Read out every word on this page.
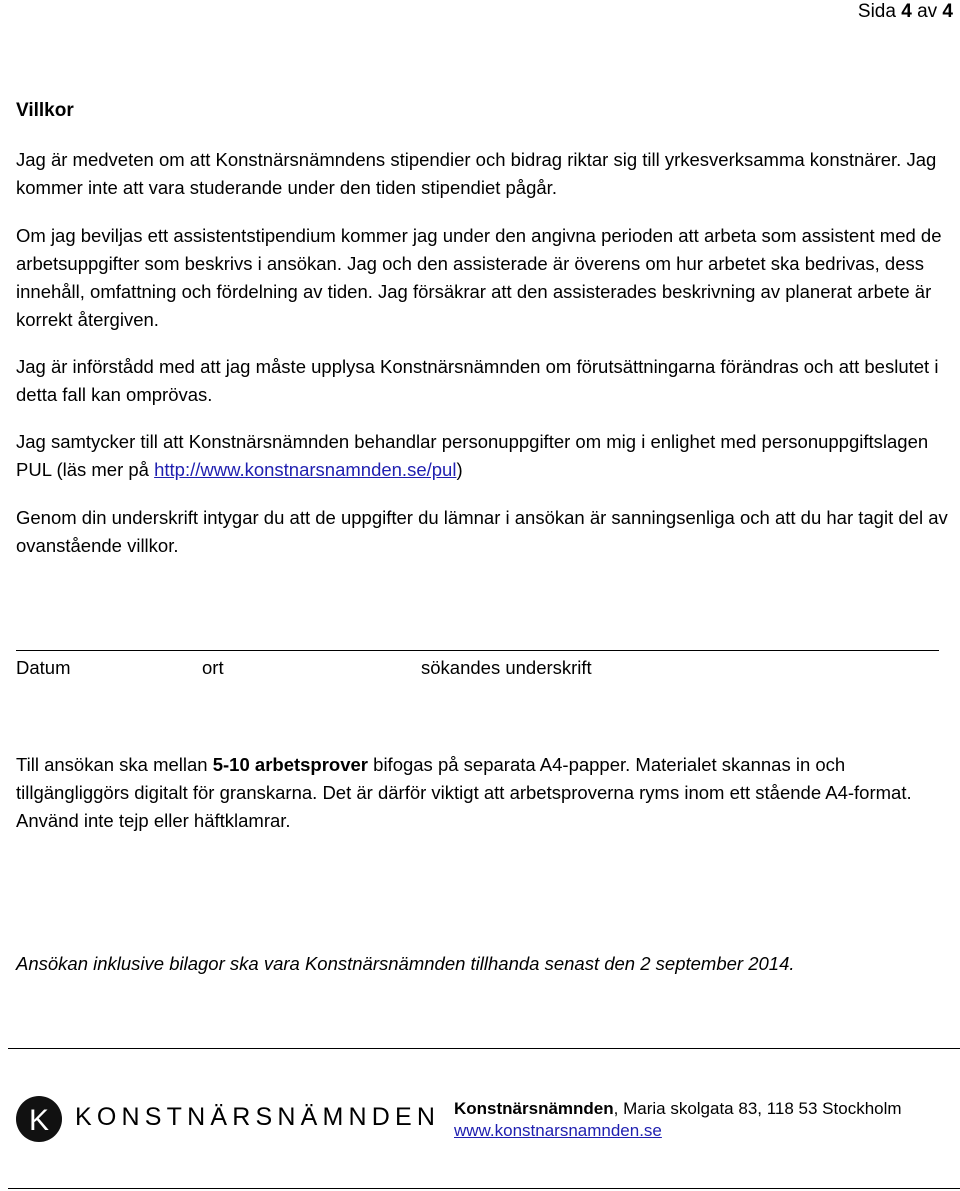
Sida 4 av 4
Villkor
Jag är medveten om att Konstnärsnämndens stipendier och bidrag riktar sig till yrkesverksamma konstnärer. Jag kommer inte att vara studerande under den tiden stipendiet pågår.
Om jag beviljas ett assistentstipendium kommer jag under den angivna perioden att arbeta som assistent med de arbetsuppgifter som beskrivs i ansökan. Jag och den assisterade är överens om hur arbetet ska bedrivas, dess innehåll, omfattning och fördelning av tiden. Jag försäkrar att den assisterades beskrivning av planerat arbete är korrekt återgiven.
Jag är införstådd med att jag måste upplysa Konstnärsnämnden om förutsättningarna förändras och att beslutet i detta fall kan omprövas.
Jag samtycker till att Konstnärsnämnden behandlar personuppgifter om mig i enlighet med personuppgiftslagen PUL (läs mer på http://www.konstnarsnamnden.se/pul)
Genom din underskrift intygar du att de uppgifter du lämnar i ansökan är sanningsenliga och att du har tagit del av ovanstående villkor.
Datum	ort	sökandes underskrift
Till ansökan ska mellan 5-10 arbetsprover bifogas på separata A4-papper. Materialet skannas in och tillgängliggörs digitalt för granskarna. Det är därför viktigt att arbetsproverna ryms inom ett stående A4-format. Använd inte tejp eller häftklamrar.
Ansökan inklusive bilagor ska vara Konstnärsnämnden tillhanda senast den 2 september 2014.
K KONSTNÄRSNÄMNDEN Konstnärsnämnden, Maria skolgata 83, 118 53 Stockholm
www.konstnarsnamnden.se
